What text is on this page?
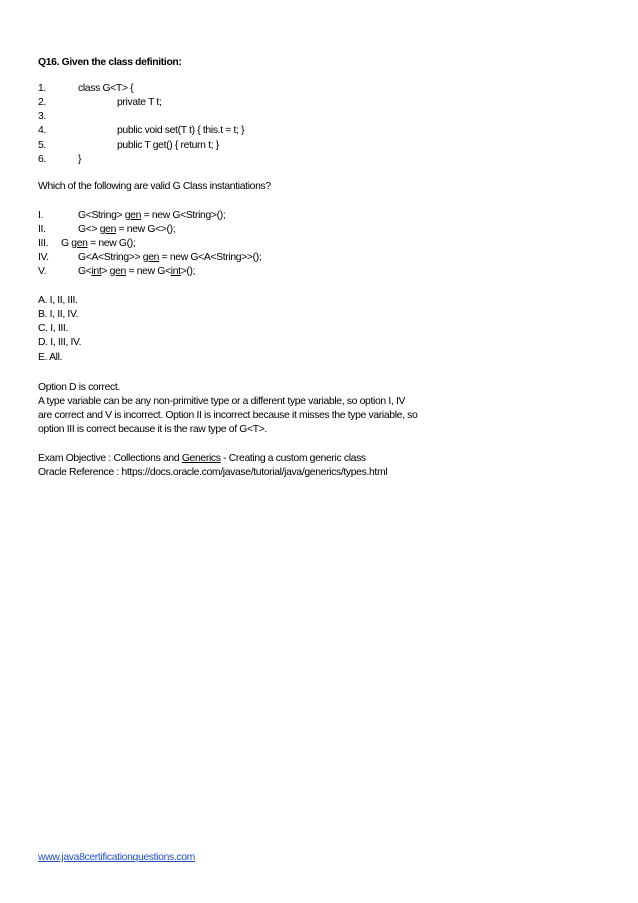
Q16. Given the class definition:
1.	class G<T> {
2.	private T t;
3.
4.	public void set(T t) { this.t = t; }
5.	public T get() { return t; }
6.	}
Which of the following are valid G Class instantiations?
I.	G<String> gen = new G<String>();
II.	G<> gen = new G<>();
III. G gen = new G();
IV.	G<A<String>> gen = new G<A<String>>();
V.	G<int> gen = new G<int>();
A. I, II, III.
B. I, II, IV.
C. I, III.
D. I, III, IV.
E. All.
Option D is correct.
A type variable can be any non-primitive type or a different type variable, so option I, IV
are correct and V is incorrect. Option II is incorrect because it misses the type variable, so
option III is correct because it is the raw type of G<T>.
Exam Objective : Collections and Generics - Creating a custom generic class
Oracle Reference : https://docs.oracle.com/javase/tutorial/java/generics/types.html
www.java8certificationquestions.com
